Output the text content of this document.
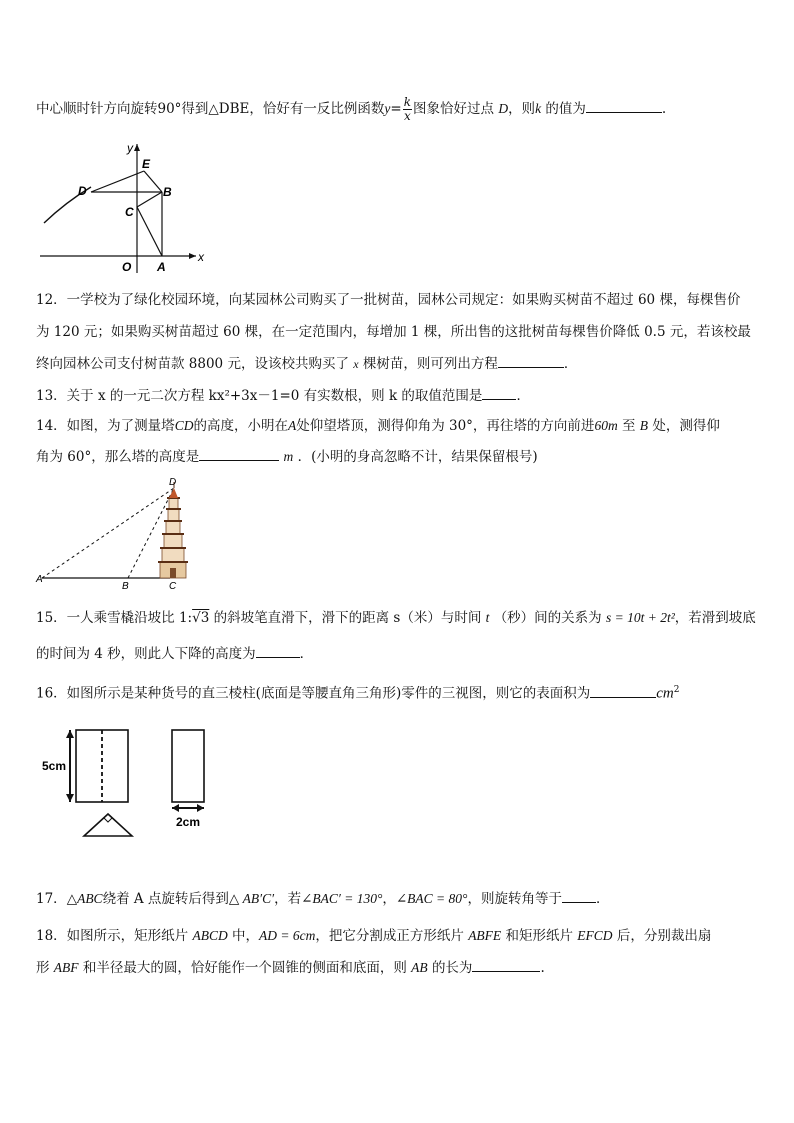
中心顺时针方向旋转90°得到△DBE，恰好有一反比例函数$y= \frac{k}{x}$ 图象恰好过点 D，则k 的值为	.
y
x
E
D	B
C
O A
12．一学校为了绿化校园环境，向某园林公司购买了一批树苗，园林公司规定：如果购买树苗不超过 60 棵，每棵售价
为 120 元；如果购买树苗超过 60 棵，在一定范围内，每增加 1 棵，所出售的这批树苗每棵售价降低 0.5 元，若该校最
终向园林公司支付树苗款 8800 元，设该校共购买了 x 棵树苗，则可列出方程	．
13．关于 x 的一元二次方程 kx²+3x－1=0 有实数根，则 k 的取值范围是	．
14．如图，为了测量塔CD的高度，小明在A处仰望塔顶，测得仰角为 30°，再往塔的方向前进60m 至 B 处，测得仰
角为 60°，那么塔的高度是	m ．(小明的身高忽略不计，结果保留根号)
A
B	C
D
15．一人乘雪橇沿坡比 1:√3 的斜坡笔直滑下，滑下的距离 s（米）与时间 t （秒）间的关系为 s = 10t + 2t²，若滑到坡底
的时间为 4 秒，则此人下降的高度为	．
16．如图所示是某种货号的直三棱柱(底面是等腰直角三角形)零件的三视图，则它的表面积为	$cm^2$
5cm
2cm
17．△ABC绕着 A 点旋转后得到△ AB′C′，若∠BAC′ = 130°，∠BAC = 80°，则旋转角等于	．
18．如图所示，矩形纸片 ABCD 中，AD = 6cm，把它分割成正方形纸片 ABFE 和矩形纸片 EFCD 后，分别裁出扇
形 ABF 和半径最大的圆，恰好能作一个圆锥的侧面和底面，则 AB 的长为	.
